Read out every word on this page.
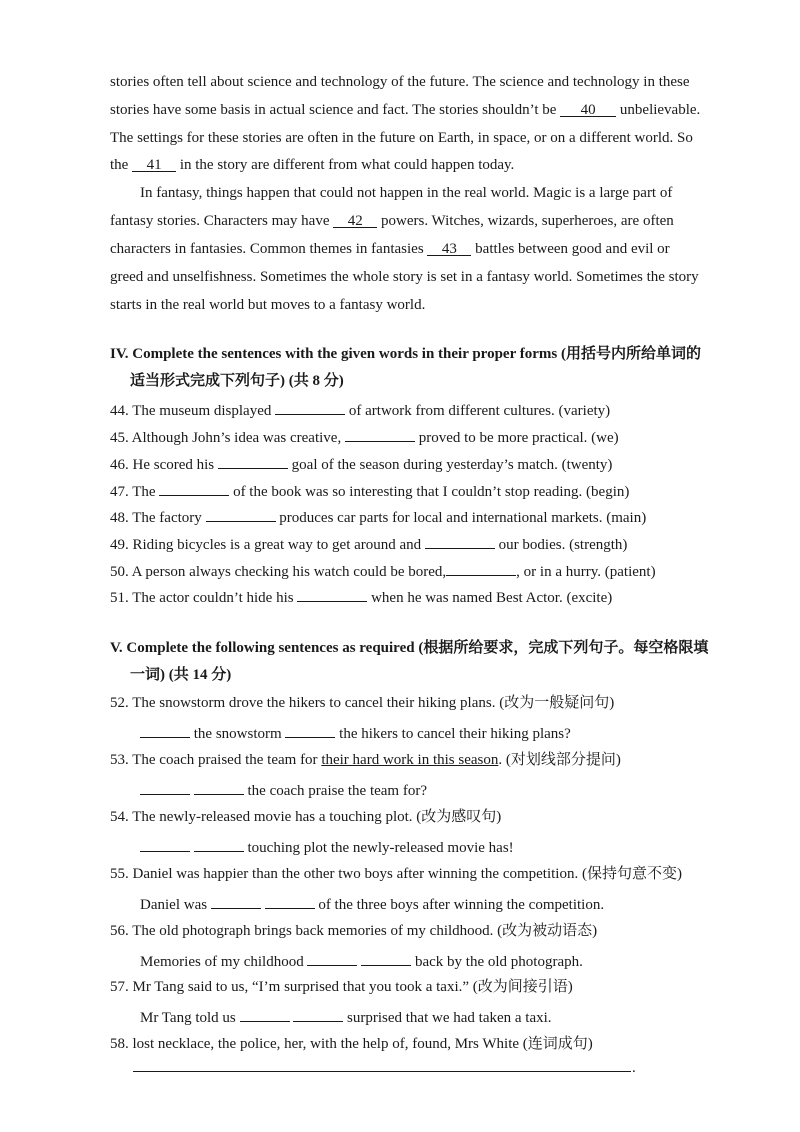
stories often tell about science and technology of the future. The science and technology in these
stories have some basis in actual science and fact. The stories shouldn’t be 40 unbelievable.
The settings for these stories are often in the future on Earth, in space, or on a different world. So
the 41 in the story are different from what could happen today.
In fantasy, things happen that could not happen in the real world. Magic is a large part of
fantasy stories. Characters may have 42 powers. Witches, wizards, superheroes, are often
characters in fantasies. Common themes in fantasies 43 battles between good and evil or
greed and unselfishness. Sometimes the whole story is set in a fantasy world. Sometimes the story
starts in the real world but moves to a fantasy world.
IV. Complete the sentences with the given words in their proper forms (用括号内所给单词的
适当形式完成下列句子) (共 8 分)
44. The museum displayed	of artwork from different cultures. (variety)
45. Although John’s idea was creative,	proved to be more practical. (we)
46. He scored his	goal of the season during yesterday’s match. (twenty)
47. The	of the book was so interesting that I couldn’t stop reading. (begin)
48. The factory	produces car parts for local and international markets. (main)
49. Riding bicycles is a great way to get around and	our bodies. (strength)
50. A person always checking his watch could be bored,	, or in a hurry. (patient)
51. The actor couldn’t hide his	when he was named Best Actor. (excite)
V. Complete the following sentences as required (根据所给要求，完成下列句子。每空格限填
一词) (共 14 分)
52. The snowstorm drove the hikers to cancel their hiking plans. (改为一般疑问句)
the snowstorm	the hikers to cancel their hiking plans?
53. The coach praised the team for their hard work in this season. (对划线部分提问)
the coach praise the team for?
54. The newly-released movie has a touching plot. (改为感叹句)
touching plot the newly-released movie has!
55. Daniel was happier than the other two boys after winning the competition. (保持句意不变)
Daniel was	of the three boys after winning the competition.
56. The old photograph brings back memories of my childhood. (改为被动语态)
Memories of my childhood	back by the old photograph.
57. Mr Tang said to us, “I’m surprised that you took a taxi.” (改为间接引语)
Mr Tang told us	surprised that we had taken a taxi.
58. lost necklace, the police, her, with the help of, found, Mrs White (连词成句)
.
